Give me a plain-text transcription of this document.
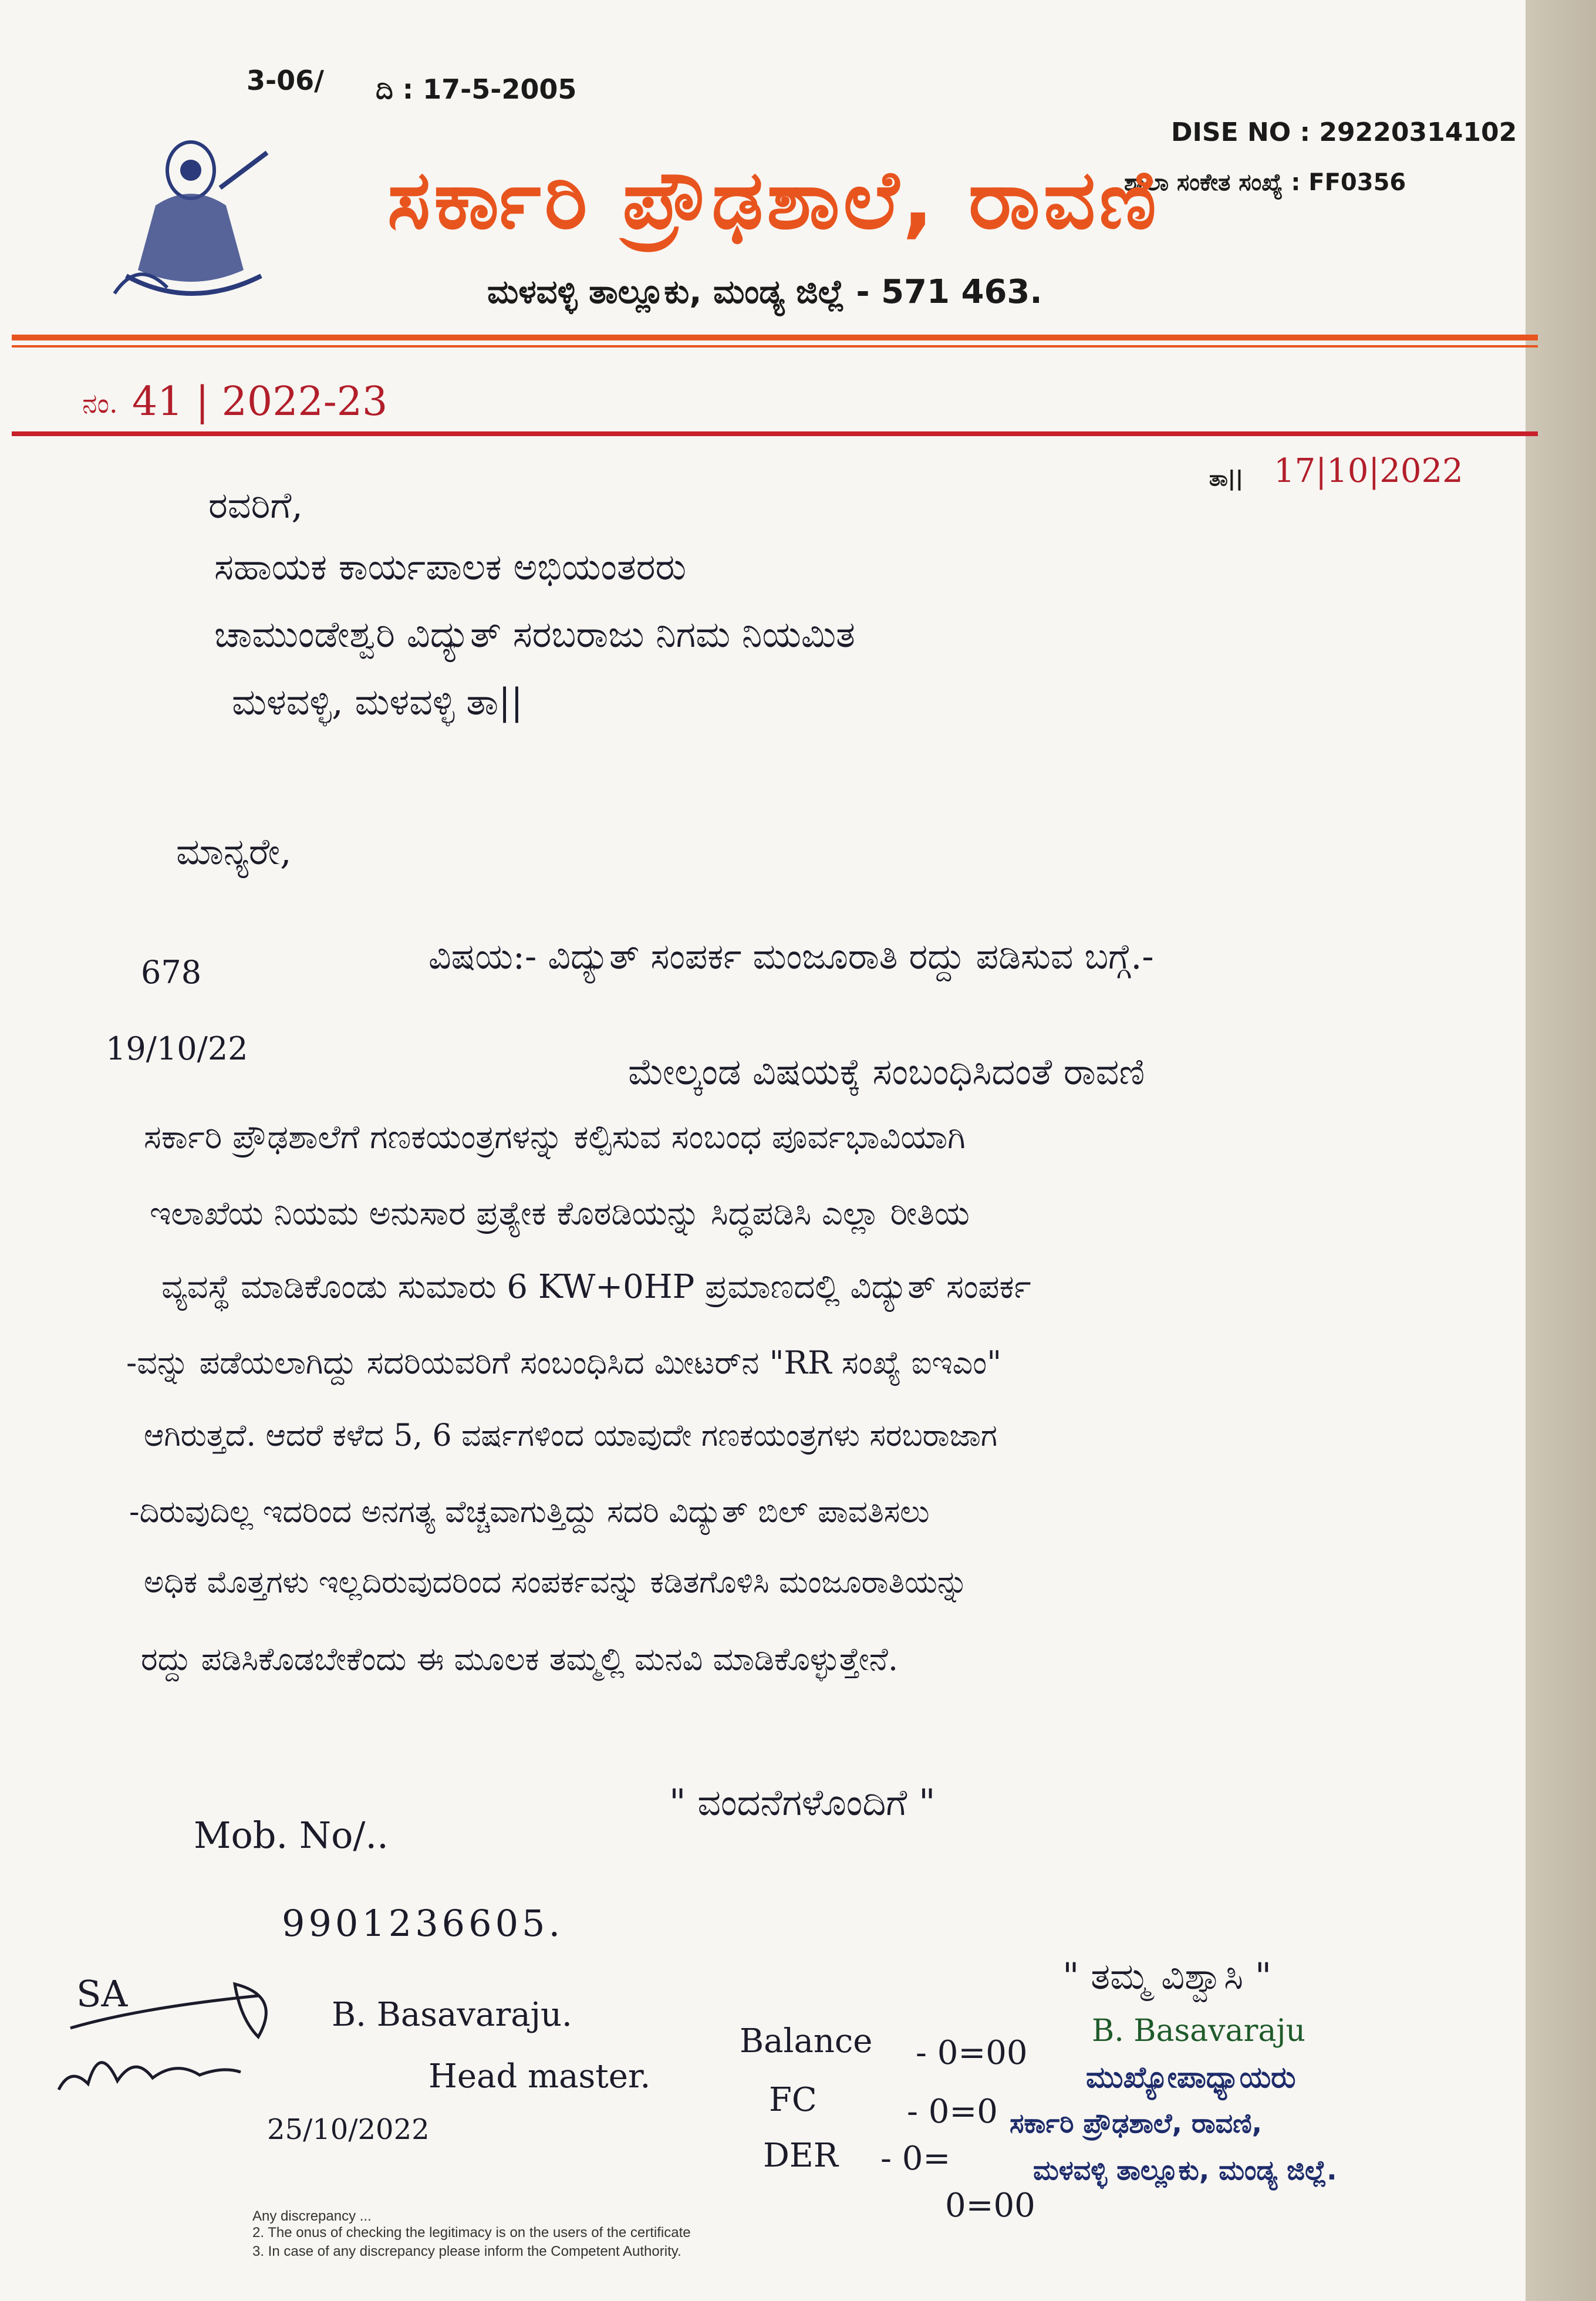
3-06/ ದಿ : 17-5-2005
DISE NO : 29220314102
ಶಾಲಾ ಸಂಕೇತ ಸಂಖ್ಯೆ : FF0356
ಸರ್ಕಾರಿ ಪ್ರೌಢಶಾಲೆ, ರಾವಣಿ
ಮಳವಳ್ಳಿ ತಾಲ್ಲೂಕು, ಮಂಡ್ಯ ಜಿಲ್ಲೆ - 571 463.
ನಂ. 41 | 2022-23
ತಾ|| 17|10|2022
ರವರಿಗೆ,
ಸಹಾಯಕ ಕಾರ್ಯಪಾಲಕ ಅಭಿಯಂತರರು
ಚಾಮುಂಡೇಶ್ವರಿ ವಿದ್ಯುತ್ ಸರಬರಾಜು ನಿಗಮ ನಿಯಮಿತ
ಮಳವಳ್ಳಿ, ಮಳವಳ್ಳಿ ತಾ||
ಮಾನ್ಯರೇ,
ವಿಷಯ:- ವಿದ್ಯುತ್ ಸಂಪರ್ಕ ಮಂಜೂರಾತಿ ರದ್ದು ಪಡಿಸುವ ಬಗ್ಗೆ.-
678
19/10/22
ಮೇಲ್ಕಂಡ ವಿಷಯಕ್ಕೆ ಸಂಬಂಧಿಸಿದಂತೆ ರಾವಣಿ
ಸರ್ಕಾರಿ ಪ್ರೌಢಶಾಲೆಗೆ ಗಣಕಯಂತ್ರಗಳನ್ನು ಕಲ್ಪಿಸುವ ಸಂಬಂಧ ಪೂರ್ವಭಾವಿಯಾಗಿ
ಇಲಾಖೆಯ ನಿಯಮ ಅನುಸಾರ ಪ್ರತ್ಯೇಕ ಕೊಠಡಿಯನ್ನು ಸಿದ್ಧಪಡಿಸಿ ಎಲ್ಲಾ ರೀತಿಯ
ವ್ಯವಸ್ಥೆ ಮಾಡಿಕೊಂಡು ಸುಮಾರು 6 KW+0HP ಪ್ರಮಾಣದಲ್ಲಿ ವಿದ್ಯುತ್ ಸಂಪರ್ಕ
-ವನ್ನು ಪಡೆಯಲಾಗಿದ್ದು ಸದರಿಯವರಿಗೆ ಸಂಬಂಧಿಸಿದ ಮೀಟರ್‌ನ "RR ಸಂಖ್ಯೆ ಐಇಎಂ"
ಆಗಿರುತ್ತದೆ. ಆದರೆ ಕಳೆದ 5, 6 ವರ್ಷಗಳಿಂದ ಯಾವುದೇ ಗಣಕಯಂತ್ರಗಳು ಸರಬರಾಜಾಗ
-ದಿರುವುದಿಲ್ಲ ಇದರಿಂದ ಅನಗತ್ಯ ವೆಚ್ಚವಾಗುತ್ತಿದ್ದು ಸದರಿ ವಿದ್ಯುತ್ ಬಿಲ್ ಪಾವತಿಸಲು
ಅಧಿಕ ಮೊತ್ತಗಳು ಇಲ್ಲದಿರುವುದರಿಂದ ಸಂಪರ್ಕವನ್ನು ಕಡಿತಗೊಳಿಸಿ ಮಂಜೂರಾತಿಯನ್ನು
ರದ್ದು ಪಡಿಸಿಕೊಡಬೇಕೆಂದು ಈ ಮೂಲಕ ತಮ್ಮಲ್ಲಿ ಮನವಿ ಮಾಡಿಕೊಳ್ಳುತ್ತೇನೆ.
" ವಂದನೆಗಳೊಂದಿಗೆ "
Mob. No/..
9901236605.
SA	B. Basavaraju.
Head master.
25/10/2022
Balance - 0=00
FC	- 0=0
DER - 0=
0=00
" ತಮ್ಮ ವಿಶ್ವಾಸಿ "
B. Basavaraju
ಮುಖ್ಯೋಪಾಧ್ಯಾಯರು
ಸರ್ಕಾರಿ ಪ್ರೌಢಶಾಲೆ, ರಾವಣಿ,
ಮಳವಳ್ಳಿ ತಾಲ್ಲೂಕು, ಮಂಡ್ಯ ಜಿಲ್ಲೆ.
Any discrepancy ...
2. The onus of checking the legitimacy is on the users of the certificate
3. In case of any discrepancy please inform the Competent Authority.
